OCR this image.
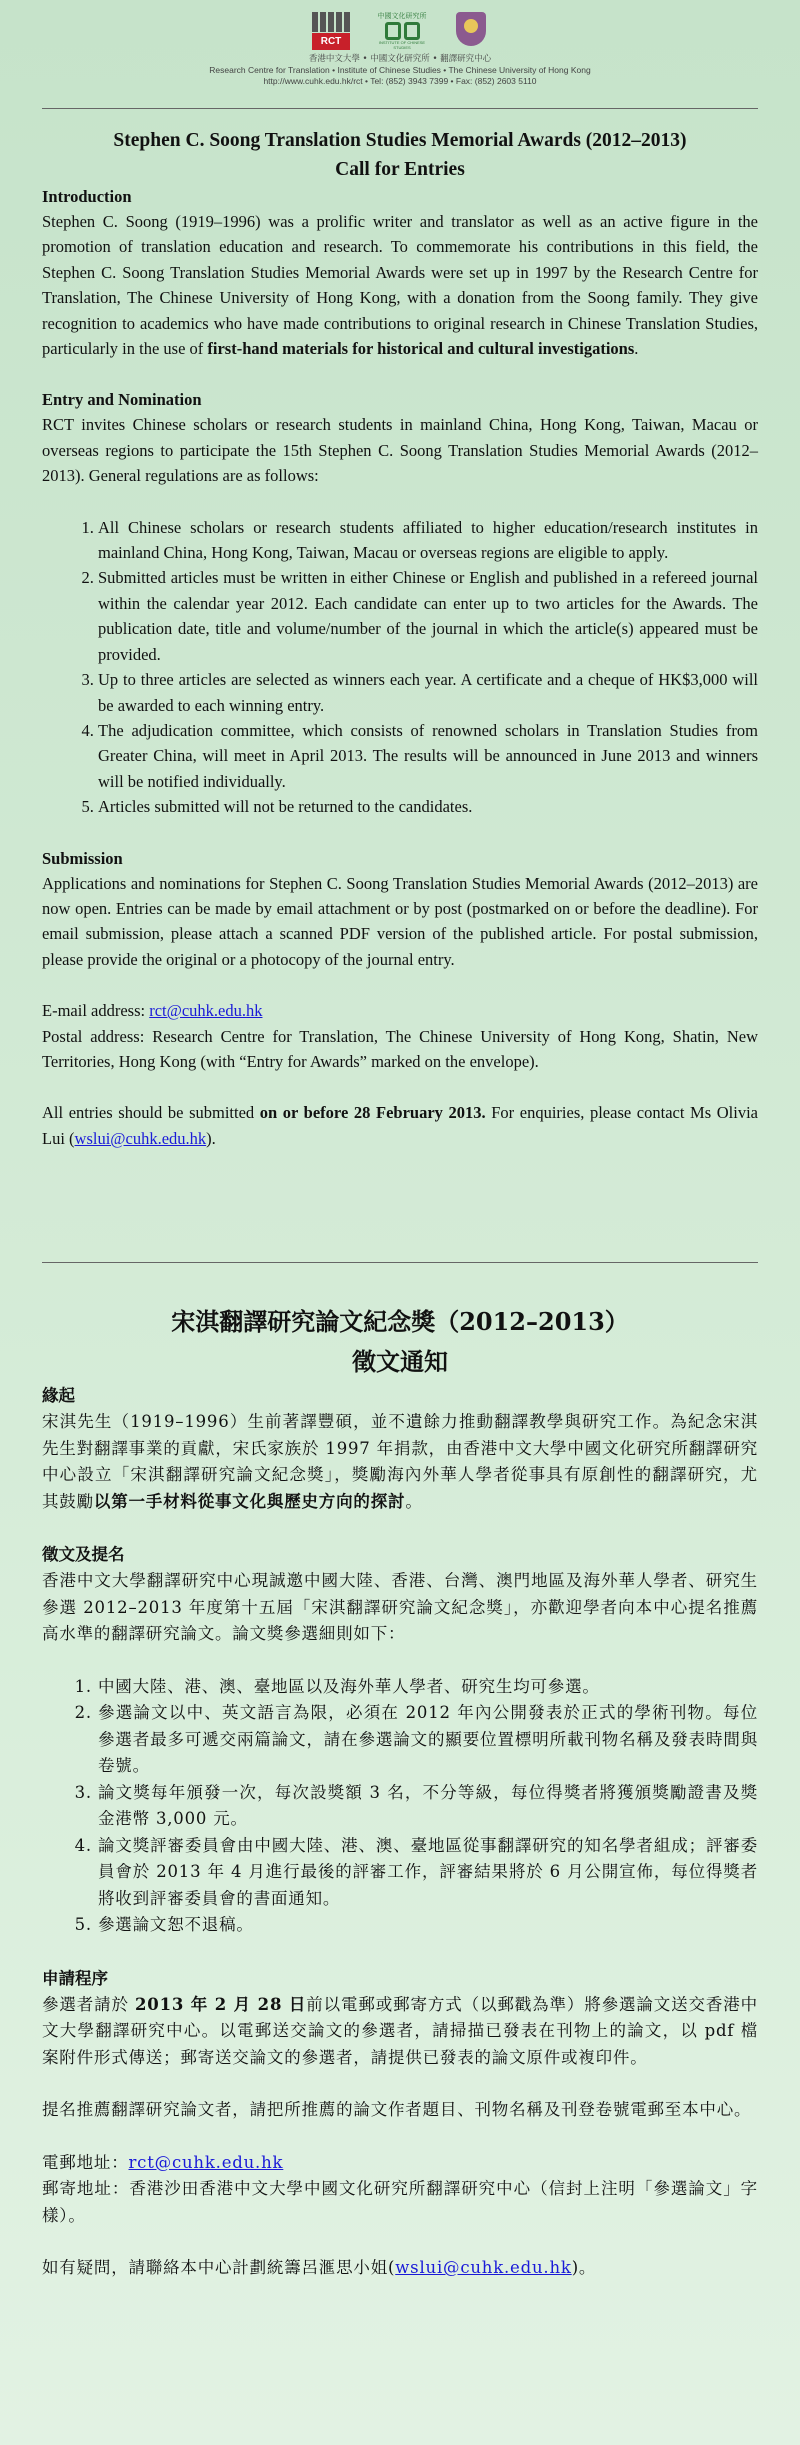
RCT
中國文化研究所
INSTITUTE OF CHINESE STUDIES
香港中文大學 • 中國文化研究所 • 翻譯研究中心
Research Centre for Translation • Institute of Chinese Studies • The Chinese University of Hong Kong
http://www.cuhk.edu.hk/rct • Tel: (852) 3943 7399 • Fax: (852) 2603 5110

Stephen C. Soong Translation Studies Memorial Awards (2012–2013)

Call for Entries

Introduction

Stephen C. Soong (1919–1996) was a prolific writer and translator as well as an active figure in the promotion of translation education and research. To commemorate his contributions in this field, the Stephen C. Soong Translation Studies Memorial Awards were set up in 1997 by the Research Centre for Translation, The Chinese University of Hong Kong, with a donation from the Soong family. They give recognition to academics who have made contributions to original research in Chinese Translation Studies, particularly in the use of first-hand materials for historical and cultural investigations.

Entry and Nomination

RCT invites Chinese scholars or research students in mainland China, Hong Kong, Taiwan, Macau or overseas regions to participate the 15th Stephen C. Soong Translation Studies Memorial Awards (2012–2013). General regulations are as follows:

1. All Chinese scholars or research students affiliated to higher education/research institutes in mainland China, Hong Kong, Taiwan, Macau or overseas regions are eligible to apply.
2. Submitted articles must be written in either Chinese or English and published in a refereed journal within the calendar year 2012. Each candidate can enter up to two articles for the Awards. The publication date, title and volume/number of the journal in which the article(s) appeared must be provided.
3. Up to three articles are selected as winners each year. A certificate and a cheque of HK$3,000 will be awarded to each winning entry.
4. The adjudication committee, which consists of renowned scholars in Translation Studies from Greater China, will meet in April 2013. The results will be announced in June 2013 and winners will be notified individually.
5. Articles submitted will not be returned to the candidates.

Submission

Applications and nominations for Stephen C. Soong Translation Studies Memorial Awards (2012–2013) are now open. Entries can be made by email attachment or by post (postmarked on or before the deadline). For email submission, please attach a scanned PDF version of the published article. For postal submission, please provide the original or a photocopy of the journal entry.

E-mail address: rct@cuhk.edu.hk

Postal address: Research Centre for Translation, The Chinese University of Hong Kong, Shatin, New Territories, Hong Kong (with “Entry for Awards” marked on the envelope).

All entries should be submitted on or before 28 February 2013. For enquiries, please contact Ms Olivia Lui (wslui@cuhk.edu.hk).

宋淇翻譯研究論文紀念獎（2012–2013）

徵文通知

緣起

宋淇先生（1919–1996）生前著譯豐碩，並不遺餘力推動翻譯教學與研究工作。為紀念宋淇先生對翻譯事業的貢獻，宋氏家族於 1997 年捐款，由香港中文大學中國文化研究所翻譯研究中心設立「宋淇翻譯研究論文紀念獎」，獎勵海內外華人學者從事具有原創性的翻譯研究，尤其鼓勵以第一手材料從事文化與歷史方向的探討。

徵文及提名

香港中文大學翻譯研究中心現誠邀中國大陸、香港、台灣、澳門地區及海外華人學者、研究生參選 2012–2013 年度第十五屆「宋淇翻譯研究論文紀念獎」，亦歡迎學者向本中心提名推薦高水準的翻譯研究論文。論文獎參選細則如下：

1. 中國大陸、港、澳、臺地區以及海外華人學者、研究生均可參選。
2. 參選論文以中、英文語言為限，必須在 2012 年內公開發表於正式的學術刊物。每位參選者最多可遞交兩篇論文，請在參選論文的顯要位置標明所載刊物名稱及發表時間與卷號。
3. 論文獎每年頒發一次，每次設獎額 3 名，不分等級，每位得獎者將獲頒獎勵證書及獎金港幣 3,000 元。
4. 論文獎評審委員會由中國大陸、港、澳、臺地區從事翻譯研究的知名學者組成；評審委員會於 2013 年 4 月進行最後的評審工作，評審結果將於 6 月公開宣佈，每位得獎者將收到評審委員會的書面通知。
5. 參選論文恕不退稿。

申請程序

參選者請於 2013 年 2 月 28 日前以電郵或郵寄方式（以郵戳為準）將參選論文送交香港中文大學翻譯研究中心。以電郵送交論文的參選者，請掃描已發表在刊物上的論文，以 pdf 檔案附件形式傳送；郵寄送交論文的參選者，請提供已發表的論文原件或複印件。

提名推薦翻譯研究論文者，請把所推薦的論文作者題目、刊物名稱及刊登卷號電郵至本中心。

電郵地址：rct@cuhk.edu.hk

郵寄地址：香港沙田香港中文大學中國文化研究所翻譯研究中心（信封上注明「參選論文」字樣）。

如有疑問，請聯絡本中心計劃統籌呂滙思小姐(wslui@cuhk.edu.hk)。
